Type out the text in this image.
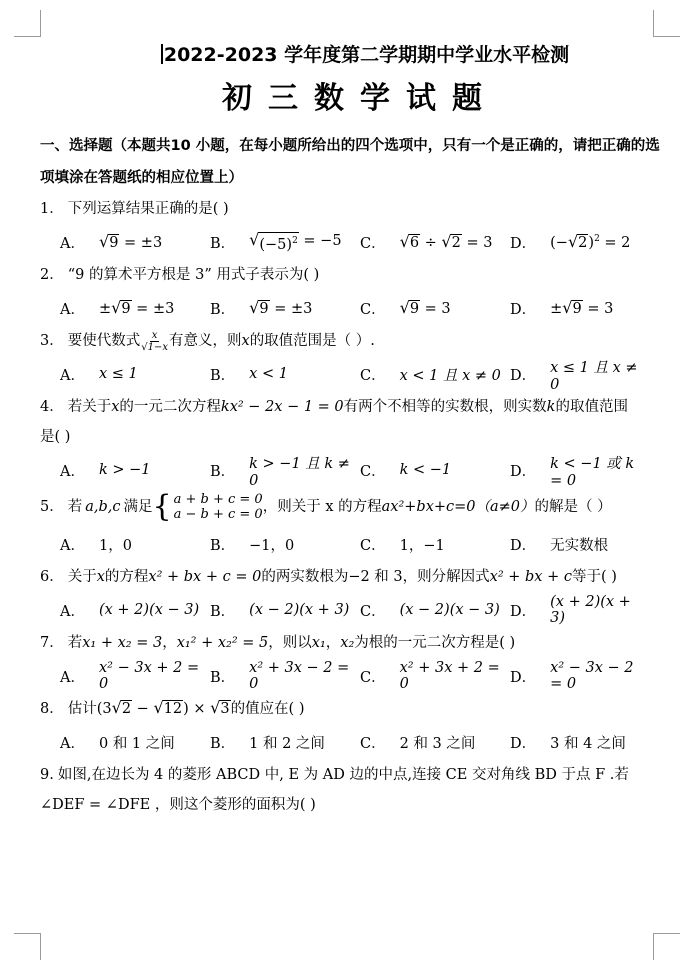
2022-2023 学年度第二学期期中学业水平检测
初三数学试题
一、选择题（本题共10 小题，在每小题所给出的四个选项中，只有一个是正确的，请把正确的选项填涂在答题纸的相应位置上）
1． 下列运算结果正确的是( )
A． √ 9 = ±3	B． √ $(-5)^2 = -5$ C． √ 6 ÷ √ 2 = 3 D． (− √ 2 )$^2$ = 2
2． “9 的算术平方根是 3” 用式子表示为( )
A． ± √ 9 = ±3 B． √ 9 = ±3	C． √ 9 = 3	D． ± √ 9 = 3
3． 要使代数式 $\frac{x}{√1-x}$ 有意义，则x的取值范围是（ ）.
A． x ≤ 1	B． x < 1	C． x < 1 且 x ≠ 0 D． x ≤ 1 且 x ≠ 0
4． 若关于x的一元二次方程kx² − 2x − 1 = 0有两个不相等的实数根，则实数k的取值范围
是( )
A． k > −1	B． k > −1 且 k ≠ 0
C． k < −1	D． k < −1 或 k = 0
5． 若 a,b,c 满足 { a + b + c = 0
a − b + c = 0 ，则关于 x 的方程 ax²+bx+c=0（a≠0） 的解是（ ）
A． 1，0	B． −1，0	C． 1，−1	D． 无实数根
6． 关于x的方程x² + bx + c = 0的两实数根为−2 和 3，则分解因式x² + bx + c等于( )
A． (x + 2)(x − 3) B． (x − 2)(x + 3) C． (x − 2)(x − 3) D．
(x + 2)(x + 3)
7． 若x₁ + x₂ = 3，x₁² + x₂² = 5，则以x₁，x₂为根的一元二次方程是( )
A．
x² − 3x + 2 = 0	B．
x² + 3x − 2 = 0	C．
x² + 3x + 2 = 0	D．
x² − 3x − 2 = 0
8． 估计(3 √ 2 − √ 12 ) × √ 3 的值应在( )
A． 0 和 1 之间 B． 1 和 2 之间 C． 2 和 3 之间 D． 3 和 4 之间
9. 如图,在边长为 4 的菱形 ABCD 中, E 为 AD 边的中点,连接 CE 交对角线 BD 于点 F .若
∠DEF = ∠DFE ，则这个菱形的面积为( )
